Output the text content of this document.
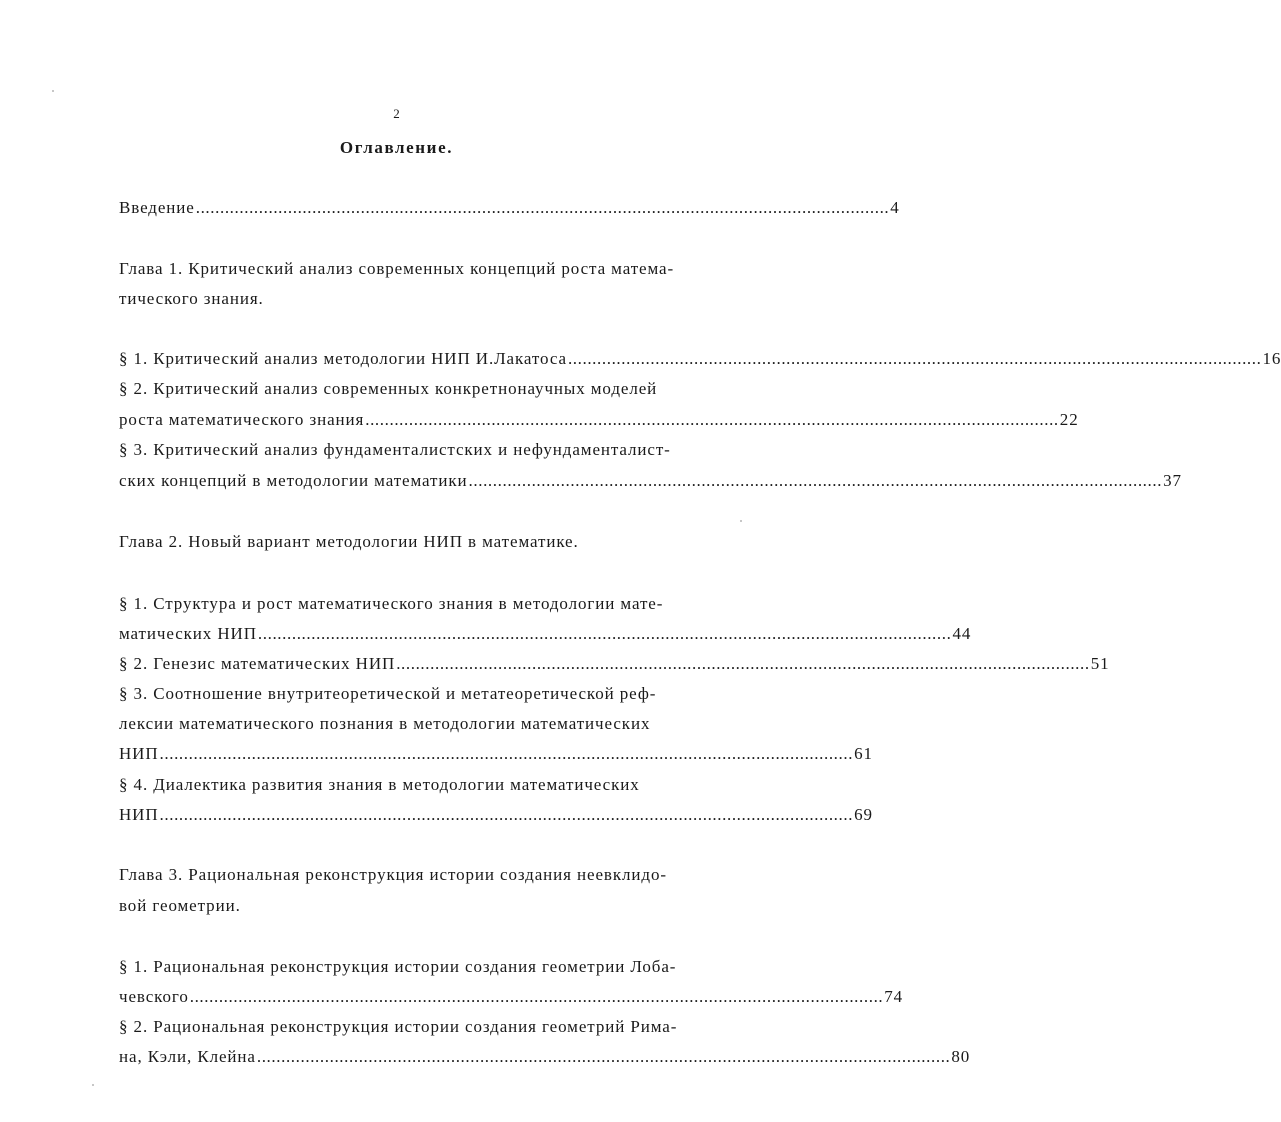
2
Оглавление.
Введение ............................................................................................................................................... 4
Глава 1. Критический анализ современных концепций роста матема-
тического знания.
§ 1. Критический анализ методологии НИП И.Лакатоса ............................................................................................................................................... 16
§ 2. Критический анализ современных конкретнонаучных моделей
роста математического знания ............................................................................................................................................... 22
§ 3. Критический анализ фундаменталистских и нефундаменталист-
ских концепций в методологии математики ............................................................................................................................................... 37
Глава 2. Новый вариант методологии НИП в математике.
§ 1. Структура и рост математического знания в методологии мате-
матических НИП ............................................................................................................................................... 44
§ 2. Генезис математических НИП ............................................................................................................................................... 51
§ 3. Соотношение внутритеоретической и метатеоретической реф-
лексии математического познания в методологии математических
НИП ............................................................................................................................................... 61
§ 4. Диалектика развития знания в методологии математических
НИП ............................................................................................................................................... 69
Глава 3. Рациональная реконструкция истории создания неевклидо-
вой геометрии.
§ 1. Рациональная реконструкция истории создания геометрии Лоба-
чевского ............................................................................................................................................... 74
§ 2. Рациональная реконструкция истории создания геометрий Рима-
на, Кэли, Клейна ............................................................................................................................................... 80
